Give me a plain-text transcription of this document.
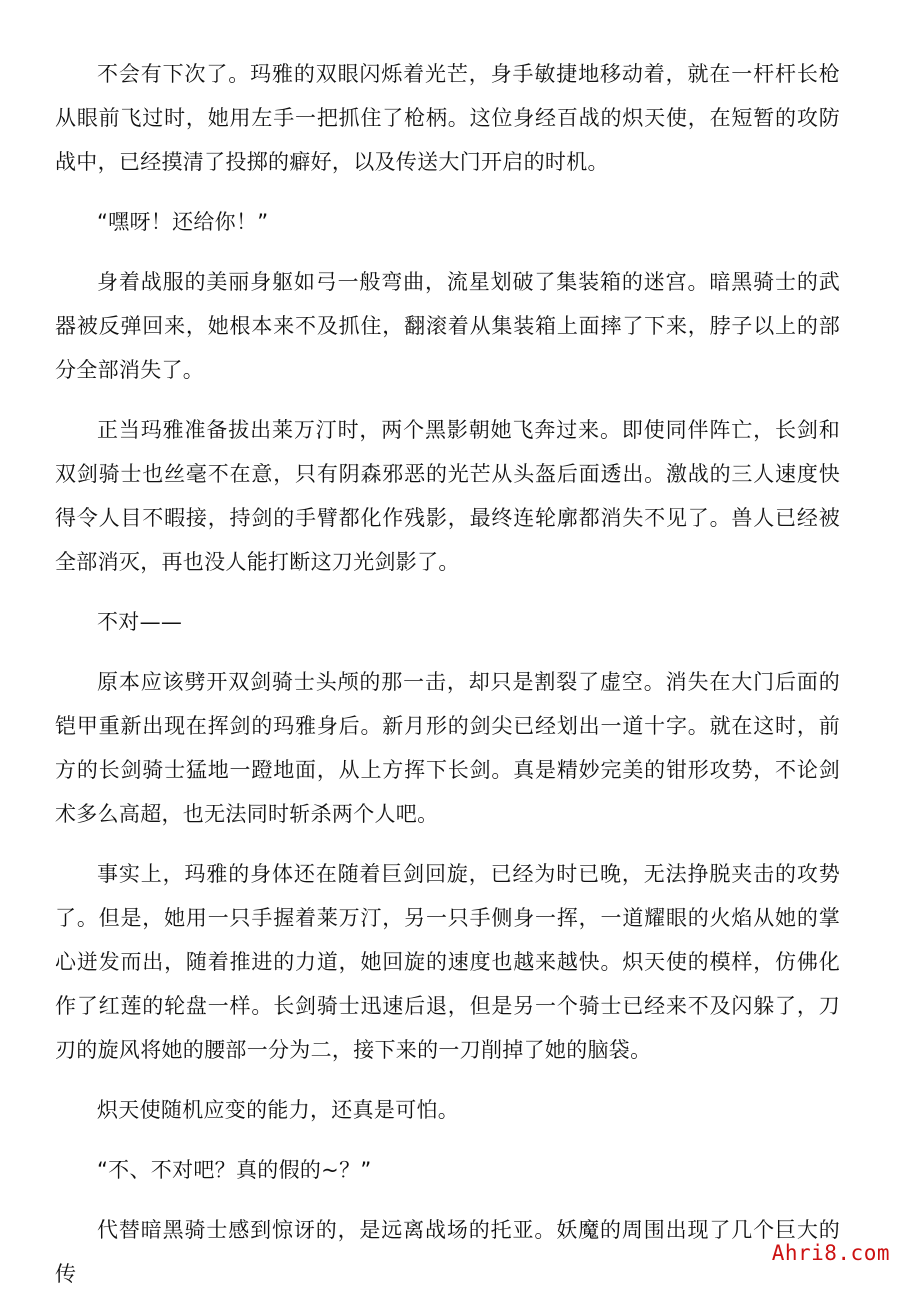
不会有下次了。玛雅的双眼闪烁着光芒，身手敏捷地移动着，就在一杆杆长枪从眼前飞过时，她用左手一把抓住了枪柄。这位身经百战的炽天使，在短暂的攻防战中，已经摸清了投掷的癖好，以及传送大门开启的时机。

“嘿呀！还给你！”

身着战服的美丽身躯如弓一般弯曲，流星划破了集装箱的迷宫。暗黑骑士的武器被反弹回来，她根本来不及抓住，翻滚着从集装箱上面摔了下来，脖子以上的部分全部消失了。

正当玛雅准备拔出莱万汀时，两个黑影朝她飞奔过来。即使同伴阵亡，长剑和双剑骑士也丝毫不在意，只有阴森邪恶的光芒从头盔后面透出。激战的三人速度快得令人目不暇接，持剑的手臂都化作残影，最终连轮廓都消失不见了。兽人已经被全部消灭，再也没人能打断这刀光剑影了。

不对——

原本应该劈开双剑骑士头颅的那一击，却只是割裂了虚空。消失在大门后面的铠甲重新出现在挥剑的玛雅身后。新月形的剑尖已经划出一道十字。就在这时，前方的长剑骑士猛地一蹬地面，从上方挥下长剑。真是精妙完美的钳形攻势，不论剑术多么高超，也无法同时斩杀两个人吧。

事实上，玛雅的身体还在随着巨剑回旋，已经为时已晚，无法挣脱夹击的攻势了。但是，她用一只手握着莱万汀，另一只手侧身一挥，一道耀眼的火焰从她的掌心迸发而出，随着推进的力道，她回旋的速度也越来越快。炽天使的模样，仿佛化作了红莲的轮盘一样。长剑骑士迅速后退，但是另一个骑士已经来不及闪躲了，刀刃的旋风将她的腰部一分为二，接下来的一刀削掉了她的脑袋。

炽天使随机应变的能力，还真是可怕。

“不、不对吧？真的假的~？”

代替暗黑骑士感到惊讶的，是远离战场的托亚。妖魔的周围出现了几个巨大的传

Ahri8.com
